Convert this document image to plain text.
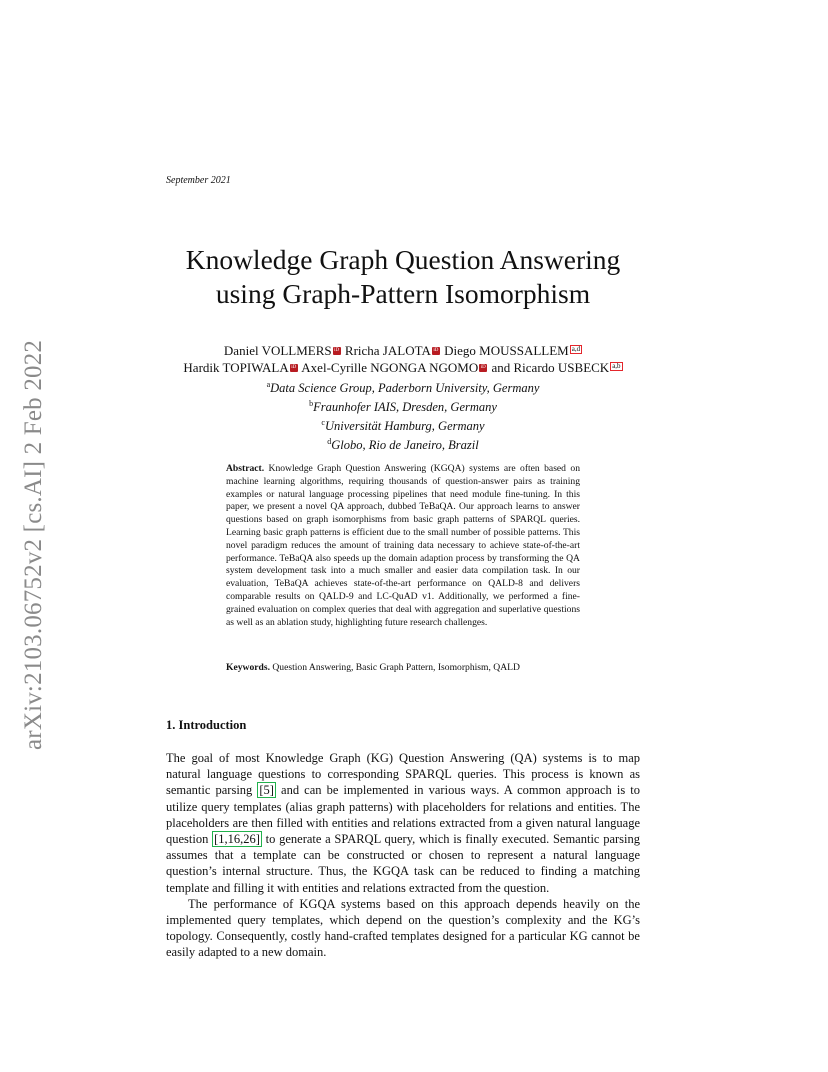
arXiv:2103.06752v2 [cs.AI] 2 Feb 2022
September 2021
Knowledge Graph Question Answering using Graph-Pattern Isomorphism
Daniel VOLLMERS iD Rricha JALOTA iD Diego MOUSSALLEM a,d
Hardik TOPIWALA iD Axel-Cyrille NGONGA NGOMO iD and Ricardo USBECK a,b
$^a$Data Science Group, Paderborn University, Germany
$^b$Fraunhofer IAIS, Dresden, Germany
$^c$Universität Hamburg, Germany
$^d$Globo, Rio de Janeiro, Brazil
Abstract. Knowledge Graph Question Answering (KGQA) systems are often based on machine learning algorithms, requiring thousands of question-answer pairs as training examples or natural language processing pipelines that need module fine-tuning. In this paper, we present a novel QA approach, dubbed TeBaQA. Our approach learns to answer questions based on graph isomorphisms from basic graph patterns of SPARQL queries. Learning basic graph patterns is efficient due to the small number of possible patterns. This novel paradigm reduces the amount of training data necessary to achieve state-of-the-art performance. TeBaQA also speeds up the domain adaption process by transforming the QA system development task into a much smaller and easier data compilation task. In our evaluation, TeBaQA achieves state-of-the-art performance on QALD-8 and delivers comparable results on QALD-9 and LC-QuAD v1. Additionally, we performed a fine-grained evaluation on complex queries that deal with aggregation and superlative questions as well as an ablation study, highlighting future research challenges.
Keywords. Question Answering, Basic Graph Pattern, Isomorphism, QALD
1. Introduction

The goal of most Knowledge Graph (KG) Question Answering (QA) systems is to map natural language questions to corresponding SPARQL queries. This process is known as semantic parsing [5] and can be implemented in various ways. A common approach is to utilize query templates (alias graph patterns) with placeholders for relations and entities. The placeholders are then filled with entities and relations extracted from a given natural language question [1,16,26] to generate a SPARQL query, which is finally executed. Semantic parsing assumes that a template can be constructed or chosen to represent a natural language question’s internal structure. Thus, the KGQA task can be reduced to finding a matching template and filling it with entities and relations extracted from the question.

The performance of KGQA systems based on this approach depends heavily on the implemented query templates, which depend on the question’s complexity and the KG’s topology. Consequently, costly hand-crafted templates designed for a particular KG cannot be easily adapted to a new domain.
